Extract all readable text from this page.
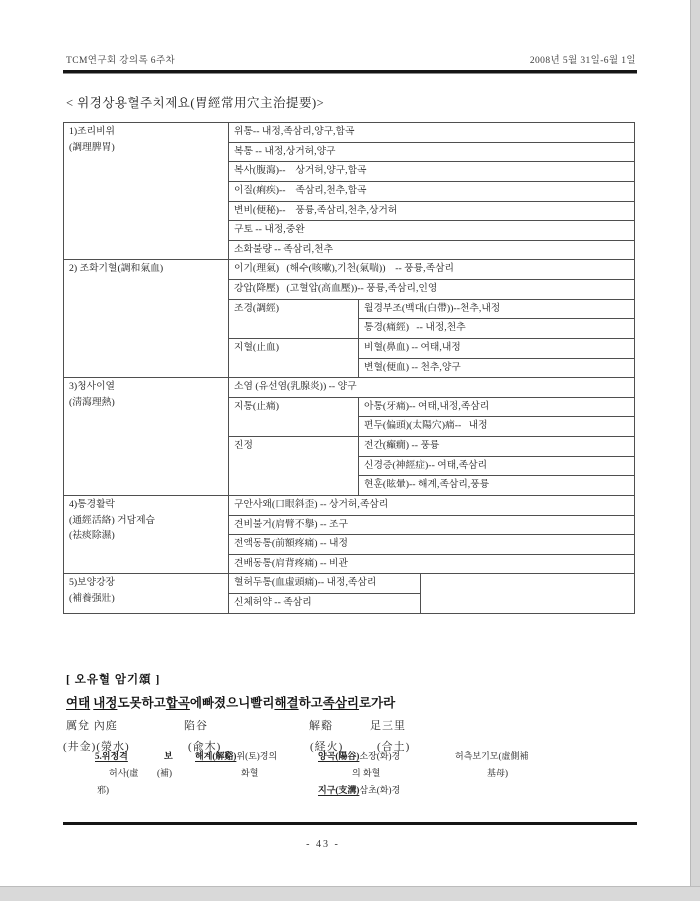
TCM연구회 강의록 6주차	2008년 5월 31일-6월 1일
< 위경상용혈주치제요(胃經常用穴主治提要)>
1)조리비위
(調理脾胃)	위통-- 내정,족삼리,양구,합곡		
	복통 -- 내정,상거허,양구		
	복사(腹瀉)--    상거허,양구,합곡		
	이질(痢疾)--    족삼리,천추,합곡		
	변비(便秘)--    풍륭,족삼리,천추,상거허		
	구토 -- 내정,중완		
	소화불량 -- 족삼리,천추		

2) 조화기혈(調和氣血)	이기(理氣)   (해수(咳嗽),기천(氣喘))    -- 풍륭,족삼리		
	강압(降壓)   (고혈압(高血壓))-- 풍륭,족삼리,인영		
	조경(調經)	월경부조(백대(白帶))--천추,내정	
		통경(痛經)   -- 내정,천추	
	지혈(止血)	비혈(鼻血) -- 여태,내정	
		변혈(便血) -- 천추,양구	

3)청사이열
(淸瀉理熱)	소염 (유선염(乳腺炎)) -- 양구		
	지통(止痛)	아통(牙痛)-- 여태,내정,족삼리	
		편두(偏頭)(太陽穴)痛--   내정	
	진정	전간(癲癇) -- 풍륭	
		신경증(神經症)-- 여태,족삼리	
		현훈(眩暈)-- 해계,족삼리,풍륭	

4)통경활락
(通經活絡) 거담제습
(祛痰除濕)	구안사왜(口眼斜歪) -- 상거허,족삼리		
	견비불거(肩臂不擧) -- 조구		
	전액동통(前額疼痛) -- 내정		
	견배동통(肩背疼痛) -- 비관		

5)보양강장
(補養强壯)	혈허두통(血虛頭痛)-- 내정,족삼리		
	신체허약 -- 족삼리		
[ 오유혈 암기頌 ]
여태 내정도못하고합곡에빠졌으니빨리해결하고족삼리로가라
厲兌 內庭	陷谷	解谿	足三里
(井金)(滎水)	(兪木)	(経火)	(合土)
5.위정격
허사(虛
邪)
보
(補)
해계(解谿)위(토)경의
화혈
양곡(陽谷)소장(화)경
의 화혈
지구(支溝)삼초(화)경
허측보기모(虛側補
基母)
- 43 -
